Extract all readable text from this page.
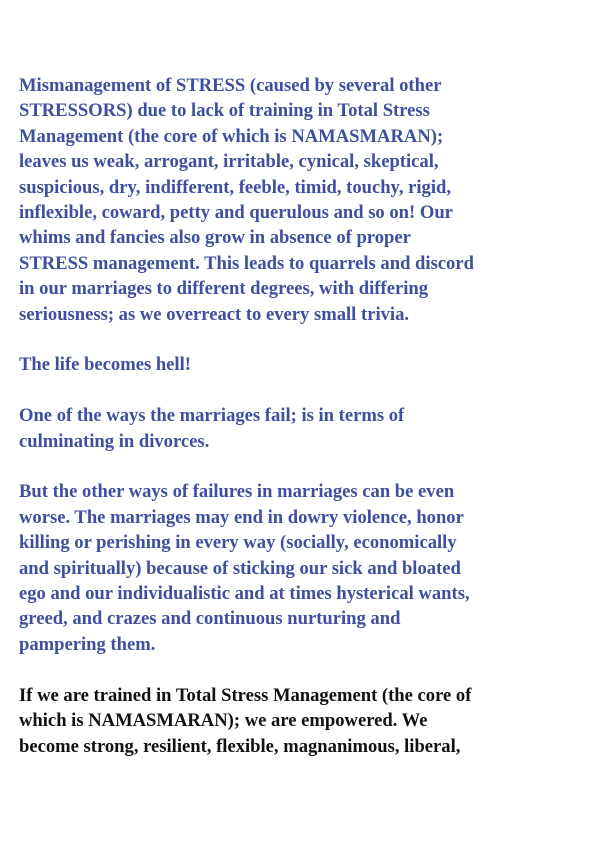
Mismanagement of STRESS (caused by several other
STRESSORS) due to lack of training in Total Stress
Management (the core of which is NAMASMARAN);
leaves us weak, arrogant, irritable, cynical, skeptical,
suspicious, dry, indifferent, feeble, timid, touchy, rigid,
inflexible, coward, petty and querulous and so on! Our
whims and fancies also grow in absence of proper
STRESS management. This leads to quarrels and discord
in our marriages to different degrees, with differing
seriousness; as we overreact to every small trivia.

The life becomes hell!

One of the ways the marriages fail; is in terms of
culminating in divorces.

But the other ways of failures in marriages can be even
worse. The marriages may end in dowry violence, honor
killing or perishing in every way (socially, economically
and spiritually) because of sticking our sick and bloated
ego and our individualistic and at times hysterical wants,
greed, and crazes and continuous nurturing and
pampering them.

If we are trained in Total Stress Management (the core of
which is NAMASMARAN); we are empowered. We
become strong, resilient, flexible, magnanimous, liberal,
